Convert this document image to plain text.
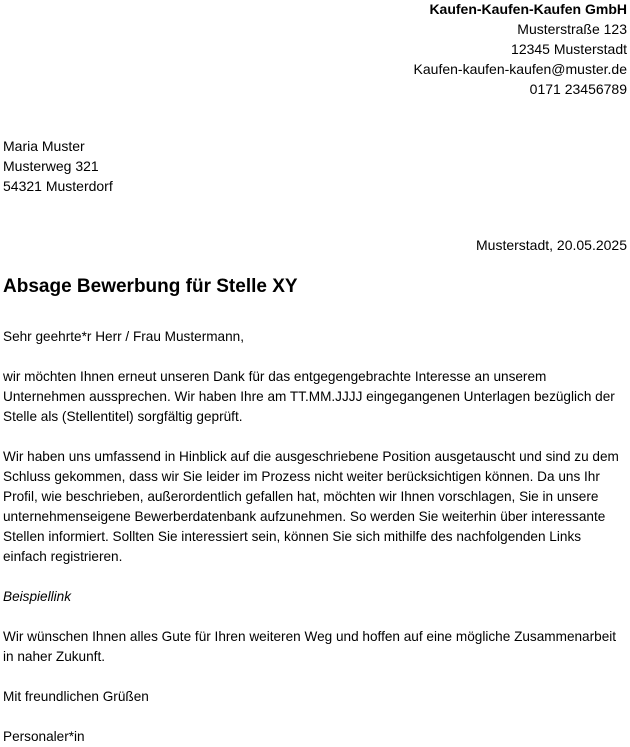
Kaufen-Kaufen-Kaufen GmbH
Musterstraße 123
12345 Musterstadt
Kaufen-kaufen-kaufen@muster.de
0171 23456789
Maria Muster
Musterweg 321
54321 Musterdorf
Musterstadt, 20.05.2025
Absage Bewerbung für Stelle XY

Sehr geehrte*r Herr / Frau Mustermann,

wir möchten Ihnen erneut unseren Dank für das entgegengebrachte Interesse an unserem Unternehmen aussprechen. Wir haben Ihre am TT.MM.JJJJ eingegangenen Unterlagen bezüglich der Stelle als (Stellentitel) sorgfältig geprüft.

Wir haben uns umfassend in Hinblick auf die ausgeschriebene Position ausgetauscht und sind zu dem Schluss gekommen, dass wir Sie leider im Prozess nicht weiter berücksichtigen können. Da uns Ihr Profil, wie beschrieben, außerordentlich gefallen hat, möchten wir Ihnen vorschlagen, Sie in unsere unternehmenseigene Bewerberdatenbank aufzunehmen. So werden Sie weiterhin über interessante Stellen informiert. Sollten Sie interessiert sein, können Sie sich mithilfe des nachfolgenden Links einfach registrieren.

Beispiellink

Wir wünschen Ihnen alles Gute für Ihren weiteren Weg und hoffen auf eine mögliche Zusammenarbeit in naher Zukunft.

Mit freundlichen Grüßen

Personaler*in
